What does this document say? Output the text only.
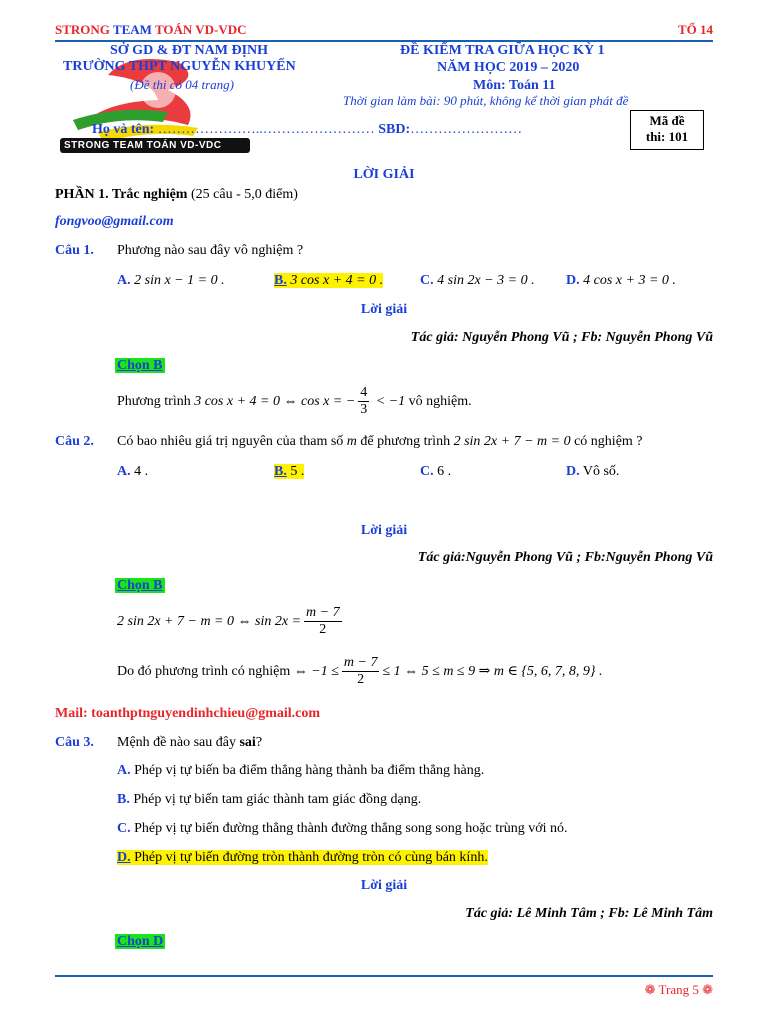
STRONG TEAM TOÁN VD-VDC	TỔ 14
STRONG TEAM TOÁN VD-VDC
SỞ GD & ĐT NAM ĐỊNH
TRƯỜNG THPT NGUYỄN KHUYẾN
(Đề thi có 04 trang)
ĐỀ KIỂM TRA GIỮA HỌC KỲ 1
NĂM HỌC 2019 – 2020
Môn: Toán 11
Thời gian làm bài: 90 phút, không kể thời gian phát đề
Họ và tên: …………………..…………………… SBD:……………………
Mã đề
thi: 101
LỜI GIẢI
PHẦN 1. Trắc nghiệm (25 câu - 5,0 điểm)
fongvoo@gmail.com
Câu 1. Phương nào sau đây vô nghiệm ?
A. 2 sin x − 1 = 0 .	B. 3 cos x + 4 = 0 .	C. 4 sin 2x − 3 = 0 . D. 4 cos x + 3 = 0 .
Lời giải
Tác giả: Nguyễn Phong Vũ ; Fb: Nguyễn Phong Vũ
Chọn B
Phương trình 3 cos x + 4 = 0 ⇔ cos x = − $\frac{4}{3} < -1$ vô nghiệm.
Câu 2. Có bao nhiêu giá trị nguyên của tham số m để phương trình 2 sin 2x + 7 − m = 0 có nghiệm ?
A. 4 .	B. 5 .	C. 6 .	D. Vô số.
Lời giải
Tác giả:Nguyễn Phong Vũ ; Fb:Nguyễn Phong Vũ
Chọn B
2 sin 2x + 7 − m = 0 ⇔ $\sin 2x = \frac{m - 7}{2}$
Do đó phương trình có nghiệm ⇔ $-1 \le \frac{m - 7}{2} \le 1$ ⇔ 5 ≤ m ≤ 9 ⇒ m ∈ {5, 6, 7, 8, 9} .
Mail: toanthptnguyendinhchieu@gmail.com
Câu 3. Mệnh đề nào sau đây sai?
A. Phép vị tự biến ba điểm thẳng hàng thành ba điểm thẳng hàng.
B. Phép vị tự biến tam giác thành tam giác đồng dạng.
C. Phép vị tự biến đường thẳng thành đường thẳng song song hoặc trùng với nó.
D. Phép vị tự biến đường tròn thành đường tròn có cùng bán kính.
Lời giải
Tác giả: Lê Minh Tâm ; Fb: Lê Minh Tâm
Chọn D
❁ Trang 5 ❁
